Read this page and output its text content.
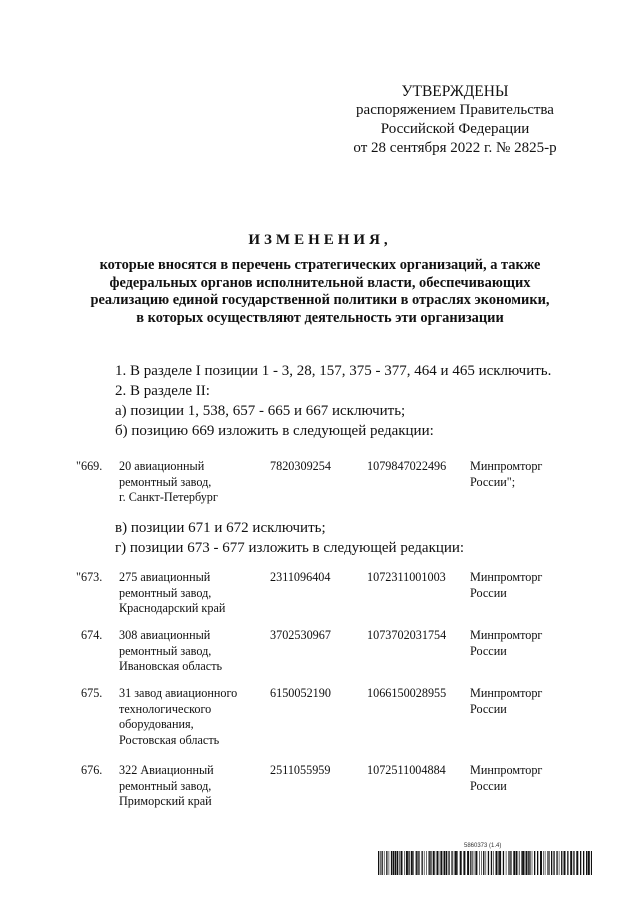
УТВЕРЖДЕНЫ
распоряжением Правительства
Российской Федерации
от 28 сентября 2022 г. № 2825-р
ИЗМЕНЕНИЯ,
которые вносятся в перечень стратегических организаций, а также
федеральных органов исполнительной власти, обеспечивающих
реализацию единой государственной политики в отраслях экономики,
в которых осуществляют деятельность эти организации
1. В разделе I позиции 1 - 3, 28, 157, 375 - 377, 464 и 465 исключить.
2. В разделе II:
а) позиции 1, 538, 657 - 665 и 667 исключить;
б) позицию 669 изложить в следующей редакции:
"669.	20 авиационный
ремонтный завод,
г. Санкт-Петербург
7820309254	1079847022496 Минпромторг
России";
в) позиции 671 и 672 исключить;
г) позиции 673 - 677 изложить в следующей редакции:
"673.	275 авиационный
ремонтный завод,
Краснодарский край
2311096404	1072311001003 Минпромторг
России
674.	308 авиационный
ремонтный завод,
Ивановская область
3702530967	1073702031754 Минпромторг
России
675.	31 завод авиационного
технологического
оборудования,
Ростовская область
6150052190	1066150028955 Минпромторг
России
676.	322 Авиационный
ремонтный завод,
Приморский край
2511055959	1072511004884 Минпромторг
России
5860373 (1.4)
